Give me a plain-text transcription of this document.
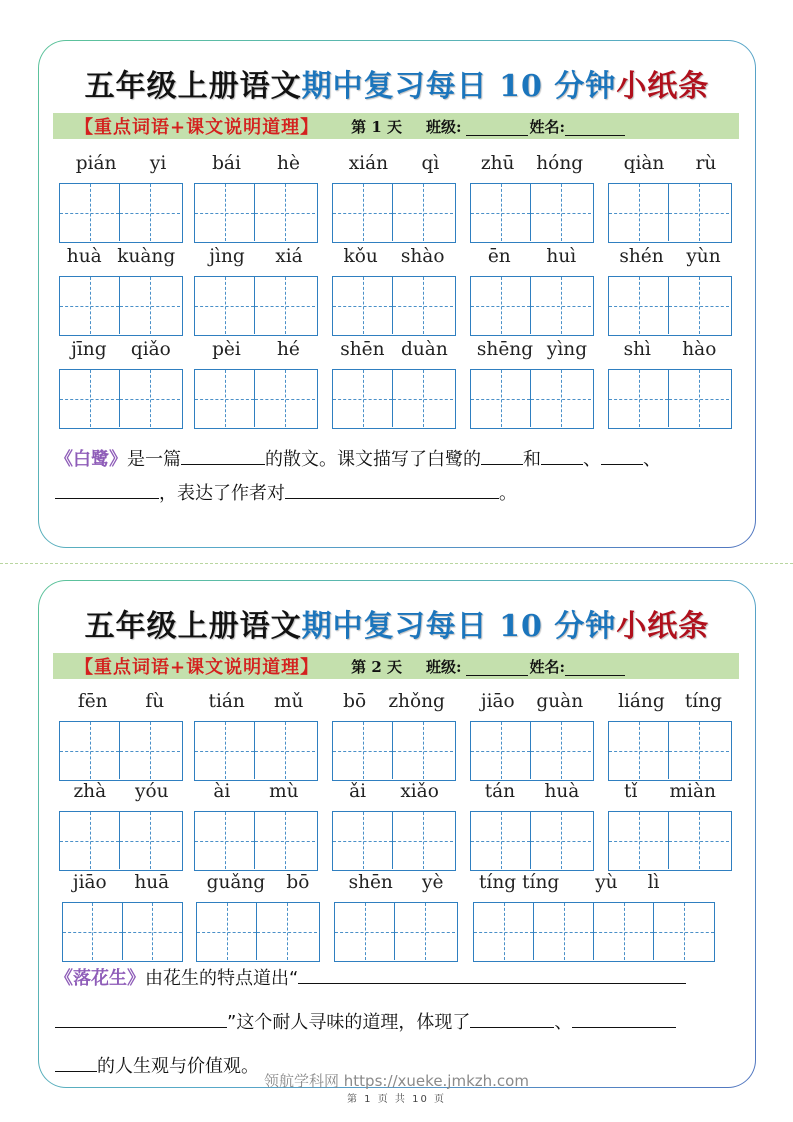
五年级上册语文期中复习每日 10 分钟小纸条
【重点词语+课文说明道理】 第 1 天 班级:	姓名:
pián yi bái hè	xián qì zhū hóng qiàn rù
huà kuàng jìng xiá kǒu shào ēn huì shén yùn
jīng qiǎo pèi hé shēn duàn shēng yìng shì hào
《白鹭》是一篇	的散文。课文描写了白鹭的 和 、 、
，表达了作者对	。
五年级上册语文期中复习每日 10 分钟小纸条
【重点词语+课文说明道理】 第 2 天 班级:	姓名:
fēn fù tián mǔ bō zhǒng jiāo guàn liáng tíng
zhà yóu ài mù	ǎi xiǎo tán huà tǐ miàn
jiāo huā guǎng bō shēn yè tíng tíng yù lì
《落花生》由花生的特点道出“
”这个耐人寻味的道理，体现了	、
的人生观与价值观。
领航学科网 https://xueke.jmkzh.com
第 1 页 共 10 页
